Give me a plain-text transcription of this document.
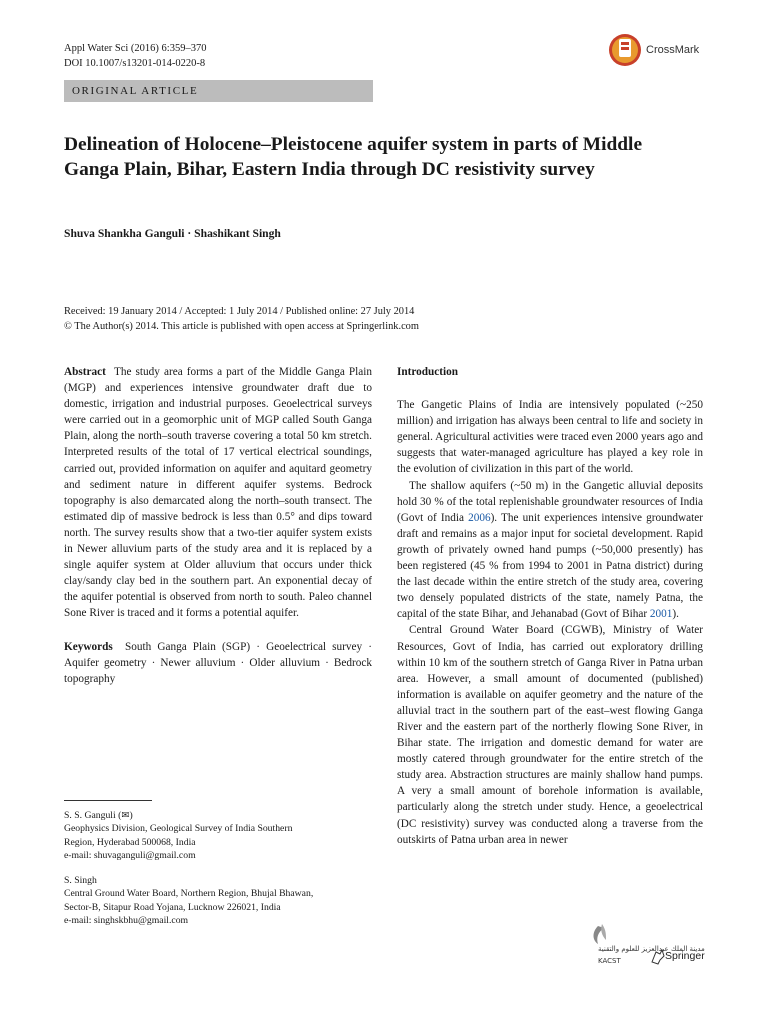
Appl Water Sci (2016) 6:359–370
DOI 10.1007/s13201-014-0220-8
CrossMark
ORIGINAL ARTICLE
Delineation of Holocene–Pleistocene aquifer system in parts of Middle Ganga Plain, Bihar, Eastern India through DC resistivity survey
Shuva Shankha Ganguli · Shashikant Singh
Received: 19 January 2014 / Accepted: 1 July 2014 / Published online: 27 July 2014
© The Author(s) 2014. This article is published with open access at Springerlink.com

Abstract The study area forms a part of the Middle Ganga Plain (MGP) and experiences intensive groundwater draft due to domestic, irrigation and industrial purposes. Geoelectrical surveys were carried out in a geomorphic unit of MGP called South Ganga Plain, along the north–south traverse covering a total 50 km stretch. Interpreted results of the total of 17 vertical electrical soundings, carried out, provided information on aquifer and aquitard geometry and sediment nature in different aquifer systems. Bedrock topography is also demarcated along the north–south transect. The estimated dip of massive bedrock is less than 0.5° and dips toward north. The survey results show that a two-tier aquifer system exists in Newer alluvium parts of the study area and it is replaced by a single aquifer system at Older alluvium that occurs under thick clay/sandy clay bed in the southern part. An exponential decay of the aquifer potential is observed from north to south. Paleo channel Sone River is traced and it forms a potential aquifer.

Keywords South Ganga Plain (SGP) · Geoelectrical survey · Aquifer geometry · Newer alluvium · Older alluvium · Bedrock topography

S. S. Ganguli (✉)
Geophysics Division, Geological Survey of India Southern
Region, Hyderabad 500068, India
e-mail: shuvaganguli@gmail.com
S. Singh
Central Ground Water Board, Northern Region, Bhujal Bhawan,
Sector-B, Sitapur Road Yojana, Lucknow 226021, India
e-mail: singhskbhu@gmail.com

Introduction

The Gangetic Plains of India are intensively populated (~250 million) and irrigation has always been central to life and society in general. Agricultural activities were traced even 2000 years ago and suggests that water-managed agriculture has played a key role in the evolution of civilization in this part of the world.

The shallow aquifers (~50 m) in the Gangetic alluvial deposits hold 30 % of the total replenishable groundwater resources of India (Govt of India 2006). The unit experiences intensive groundwater draft and remains as a major input for societal development. Rapid growth of privately owned hand pumps (~50,000 presently) has been registered (45 % from 1994 to 2001 in Patna district) during the last decade within the entire stretch of the study area, covering two densely populated districts of the state, namely Patna, the capital of the state Bihar, and Jehanabad (Govt of Bihar 2001).

Central Ground Water Board (CGWB), Ministry of Water Resources, Govt of India, has carried out exploratory drilling within 10 km of the southern stretch of Ganga River in Patna urban area. However, a small amount of documented (published) information is available on aquifer geometry and the nature of the alluvial tract in the southern part of the east–west flowing Ganga River and the eastern part of the northerly flowing Sone River, in Bihar state. The irrigation and domestic demand for water are mostly catered through groundwater for the entire stretch of the study area. Abstraction structures are mainly shallow hand pumps. A very a small amount of borehole information is available, particularly along the stretch under study. Hence, a geoelectrical (DC resistivity) survey was conducted along a traverse from the outskirts of Patna urban area in newer

مدينة الملك عبدالعزيز للعلوم والتقنية
KACST	Springer
